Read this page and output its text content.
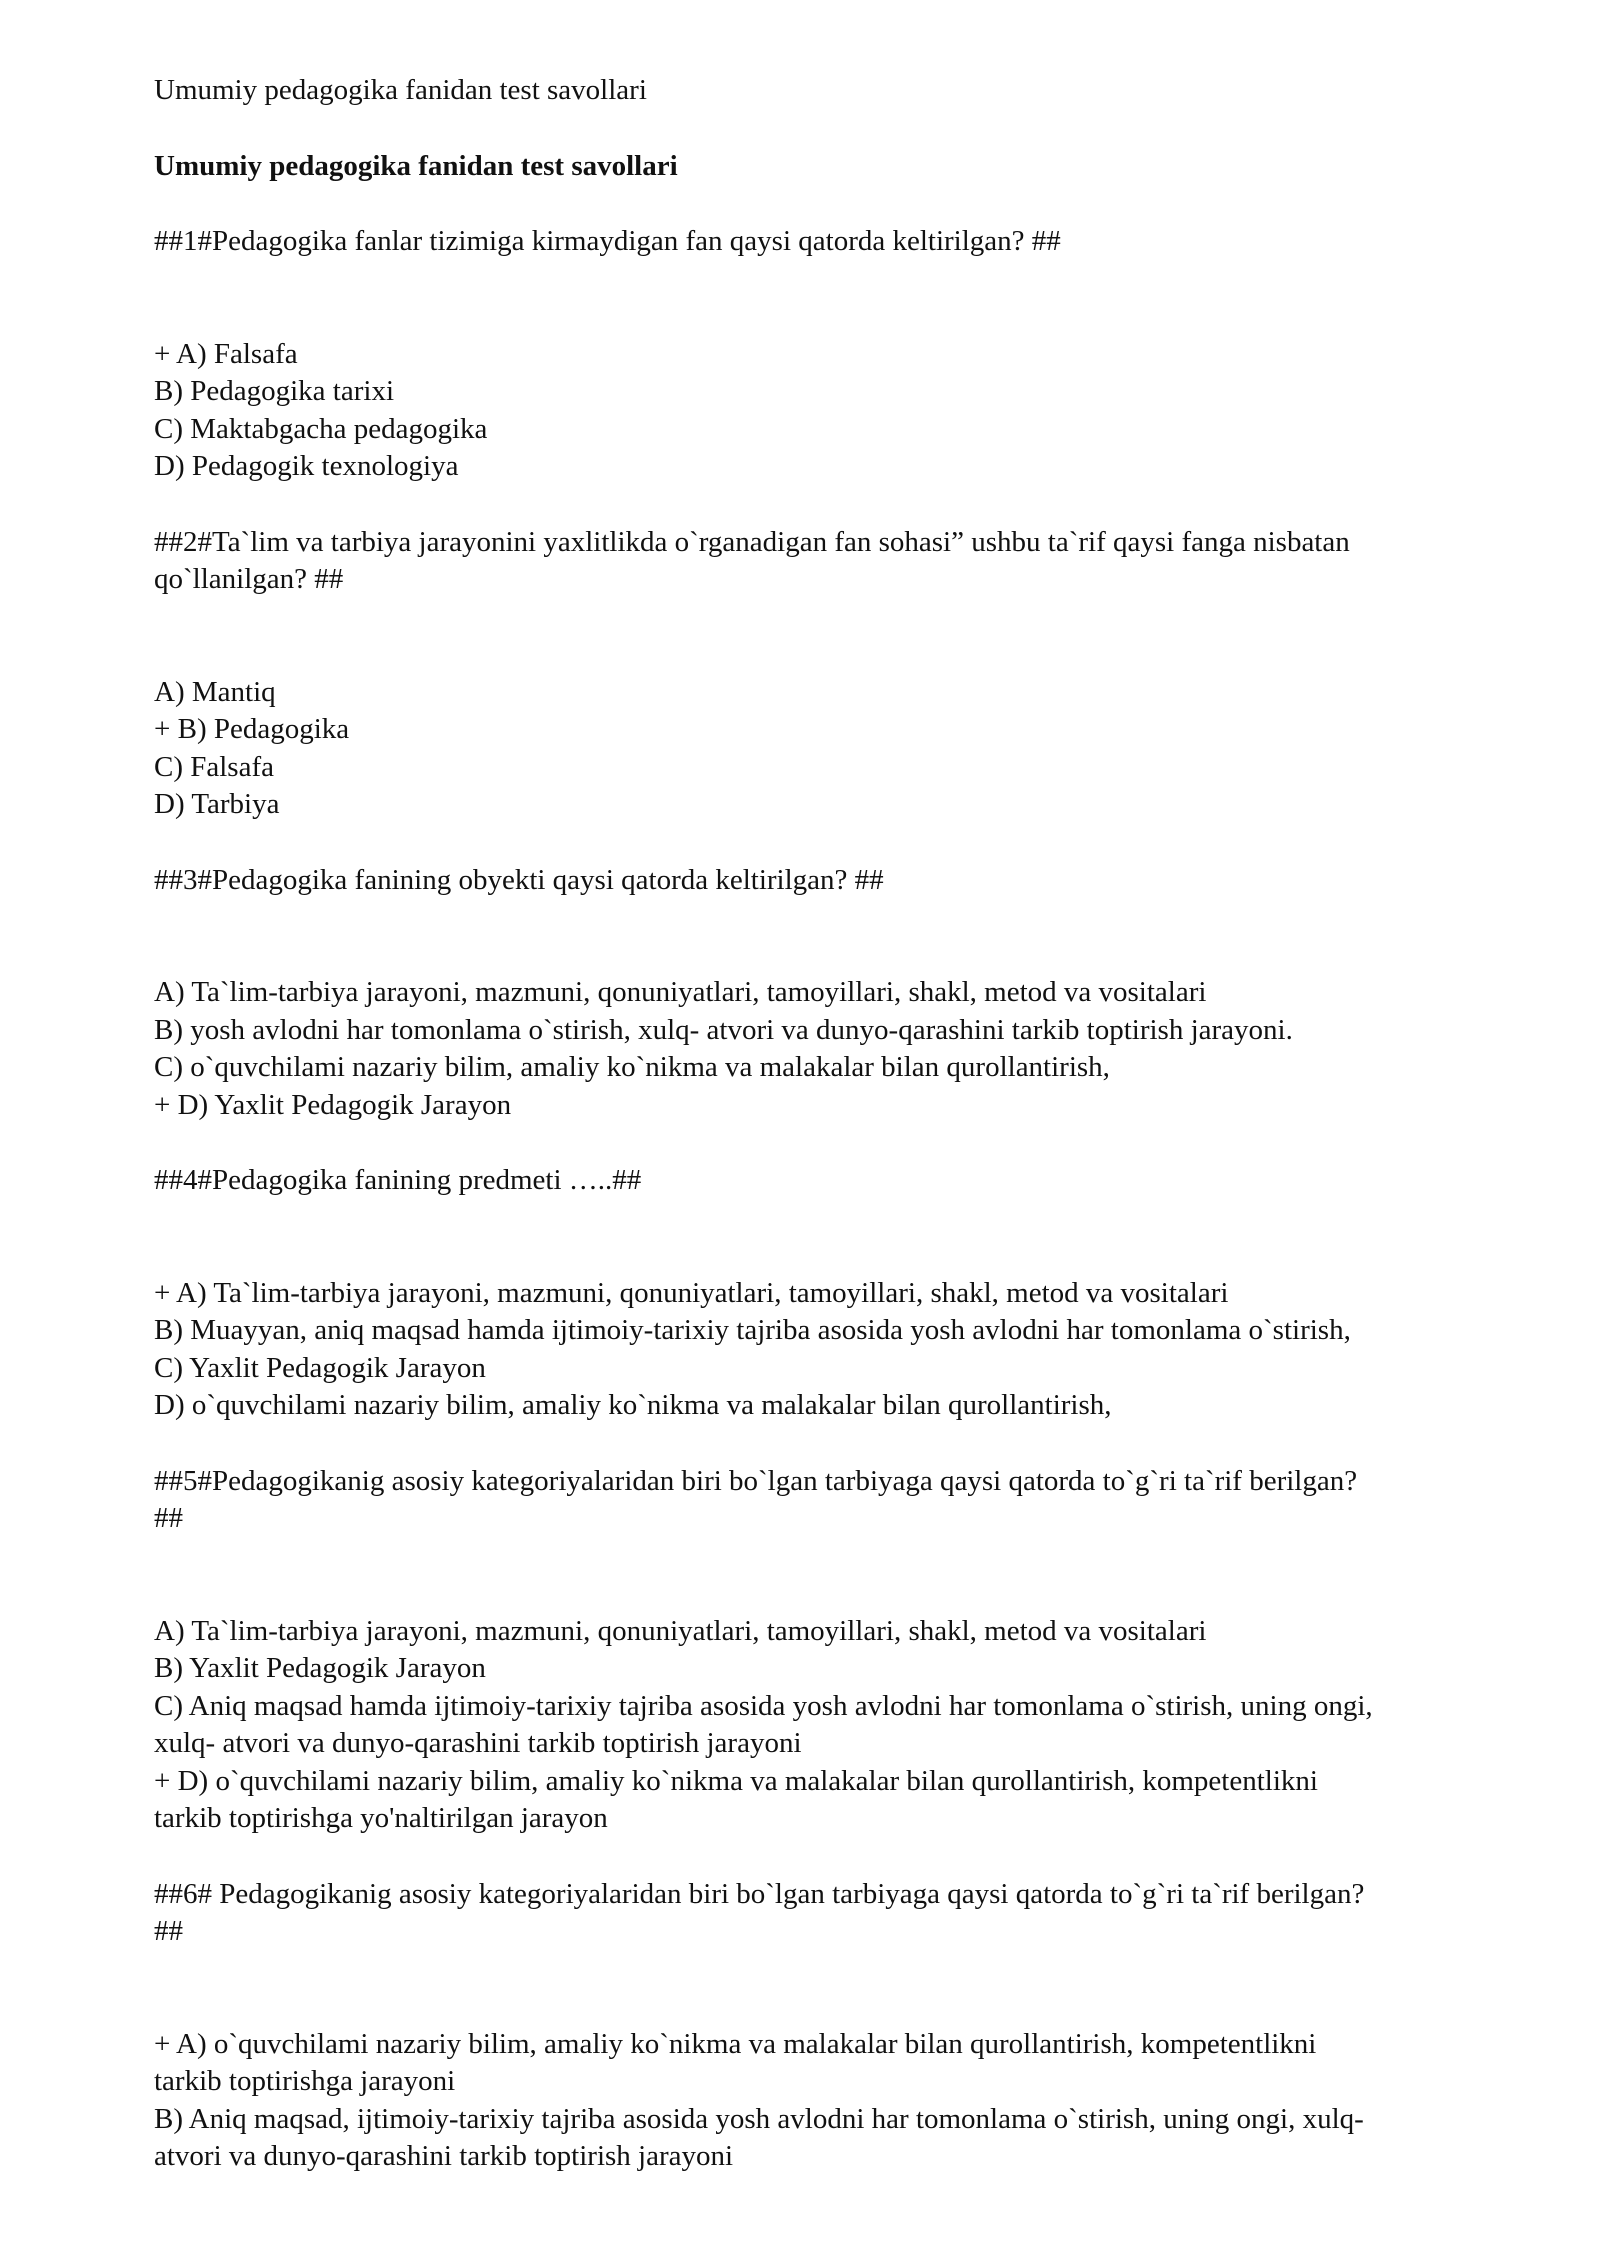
Umumiy pedagogika fanidan test savollari
Umumiy pedagogika fanidan test savollari
##1#Pedagogika fanlar tizimiga kirmaydigan fan qaysi qatorda keltirilgan? ##
+ A) Falsafa
B) Pedagogika tarixi
C) Maktabgacha pedagogika
D) Pedagogik texnologiya
##2#Ta`lim va tarbiya jarayonini yaxlitlikda o`rganadigan fan sohasi” ushbu ta`rif qaysi fanga nisbatan
qo`llanilgan? ##
A) Mantiq
+ B) Pedagogika
C) Falsafa
D) Tarbiya
##3#Pedagogika fanining obyekti qaysi qatorda keltirilgan? ##
A) Ta`lim-tarbiya jarayoni, mazmuni, qonuniyatlari, tamoyillari, shakl, metod va vositalari
B) yosh avlodni har tomonlama o`stirish, xulq- atvori va dunyo-qarashini tarkib toptirish jarayoni.
C) o`quvchilami nazariy bilim, amaliy ko`nikma va malakalar bilan qurollantirish,
+ D) Yaxlit Pedagogik Jarayon
##4#Pedagogika fanining predmeti …..##
+ A) Ta`lim-tarbiya jarayoni, mazmuni, qonuniyatlari, tamoyillari, shakl, metod va vositalari
B) Muayyan, aniq maqsad hamda ijtimoiy-tarixiy tajriba asosida yosh avlodni har tomonlama o`stirish,
C) Yaxlit Pedagogik Jarayon
D) o`quvchilami nazariy bilim, amaliy ko`nikma va malakalar bilan qurollantirish,
##5#Pedagogikanig asosiy kategoriyalaridan biri bo`lgan tarbiyaga qaysi qatorda to`g`ri ta`rif berilgan?
##
A) Ta`lim-tarbiya jarayoni, mazmuni, qonuniyatlari, tamoyillari, shakl, metod va vositalari
B) Yaxlit Pedagogik Jarayon
C) Aniq maqsad hamda ijtimoiy-tarixiy tajriba asosida yosh avlodni har tomonlama o`stirish, uning ongi,
xulq- atvori va dunyo-qarashini tarkib toptirish jarayoni
+ D) o`quvchilami nazariy bilim, amaliy ko`nikma va malakalar bilan qurollantirish, kompetentlikni
tarkib toptirishga yo'naltirilgan jarayon
##6# Pedagogikanig asosiy kategoriyalaridan biri bo`lgan tarbiyaga qaysi qatorda to`g`ri ta`rif berilgan?
##
+ A) o`quvchilami nazariy bilim, amaliy ko`nikma va malakalar bilan qurollantirish, kompetentlikni
tarkib toptirishga jarayoni
B) Aniq maqsad, ijtimoiy-tarixiy tajriba asosida yosh avlodni har tomonlama o`stirish, uning ongi, xulq-
atvori va dunyo-qarashini tarkib toptirish jarayoni
